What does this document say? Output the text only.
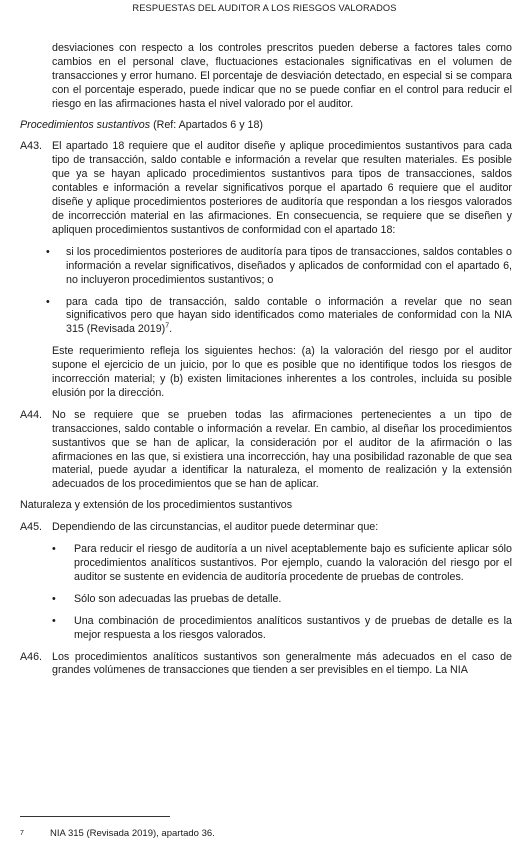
RESPUESTAS DEL AUDITOR A LOS RIESGOS VALORADOS
desviaciones con respecto a los controles prescritos pueden deberse a factores tales como cambios en el personal clave, fluctuaciones estacionales significativas en el volumen de transacciones y error humano. El porcentaje de desviación detectado, en especial si se compara con el porcentaje esperado, puede indicar que no se puede confiar en el control para reducir el riesgo en las afirmaciones hasta el nivel valorado por el auditor.
Procedimientos sustantivos (Ref: Apartados 6 y 18)
A43. El apartado 18 requiere que el auditor diseñe y aplique procedimientos sustantivos para cada tipo de transacción, saldo contable e información a revelar que resulten materiales. Es posible que ya se hayan aplicado procedimientos sustantivos para tipos de transacciones, saldos contables e información a revelar significativos porque el apartado 6 requiere que el auditor diseñe y aplique procedimientos posteriores de auditoría que respondan a los riesgos valorados de incorrección material en las afirmaciones. En consecuencia, se requiere que se diseñen y apliquen procedimientos sustantivos de conformidad con el apartado 18:
• si los procedimientos posteriores de auditoría para tipos de transacciones, saldos contables o información a revelar significativos, diseñados y aplicados de conformidad con el apartado 6, no incluyeron procedimientos sustantivos; o
• para cada tipo de transacción, saldo contable o información a revelar que no sean significativos pero que hayan sido identificados como materiales de conformidad con la NIA 315 (Revisada 2019)$^7$.
Este requerimiento refleja los siguientes hechos: (a) la valoración del riesgo por el auditor supone el ejercicio de un juicio, por lo que es posible que no identifique todos los riesgos de incorrección material; y (b) existen limitaciones inherentes a los controles, incluida su posible elusión por la dirección.
A44. No se requiere que se prueben todas las afirmaciones pertenecientes a un tipo de transacciones, saldo contable o información a revelar. En cambio, al diseñar los procedimientos sustantivos que se han de aplicar, la consideración por el auditor de la afirmación o las afirmaciones en las que, si existiera una incorrección, hay una posibilidad razonable de que sea material, puede ayudar a identificar la naturaleza, el momento de realización y la extensión adecuados de los procedimientos que se han de aplicar.
Naturaleza y extensión de los procedimientos sustantivos
A45. Dependiendo de las circunstancias, el auditor puede determinar que:
• Para reducir el riesgo de auditoría a un nivel aceptablemente bajo es suficiente aplicar sólo procedimientos analíticos sustantivos. Por ejemplo, cuando la valoración del riesgo por el auditor se sustente en evidencia de auditoría procedente de pruebas de controles.
• Sólo son adecuadas las pruebas de detalle.
• Una combinación de procedimientos analíticos sustantivos y de pruebas de detalle es la mejor respuesta a los riesgos valorados.
A46. Los procedimientos analíticos sustantivos son generalmente más adecuados en el caso de grandes volúmenes de transacciones que tienden a ser previsibles en el tiempo. La NIA
7	NIA 315 (Revisada 2019), apartado 36.
